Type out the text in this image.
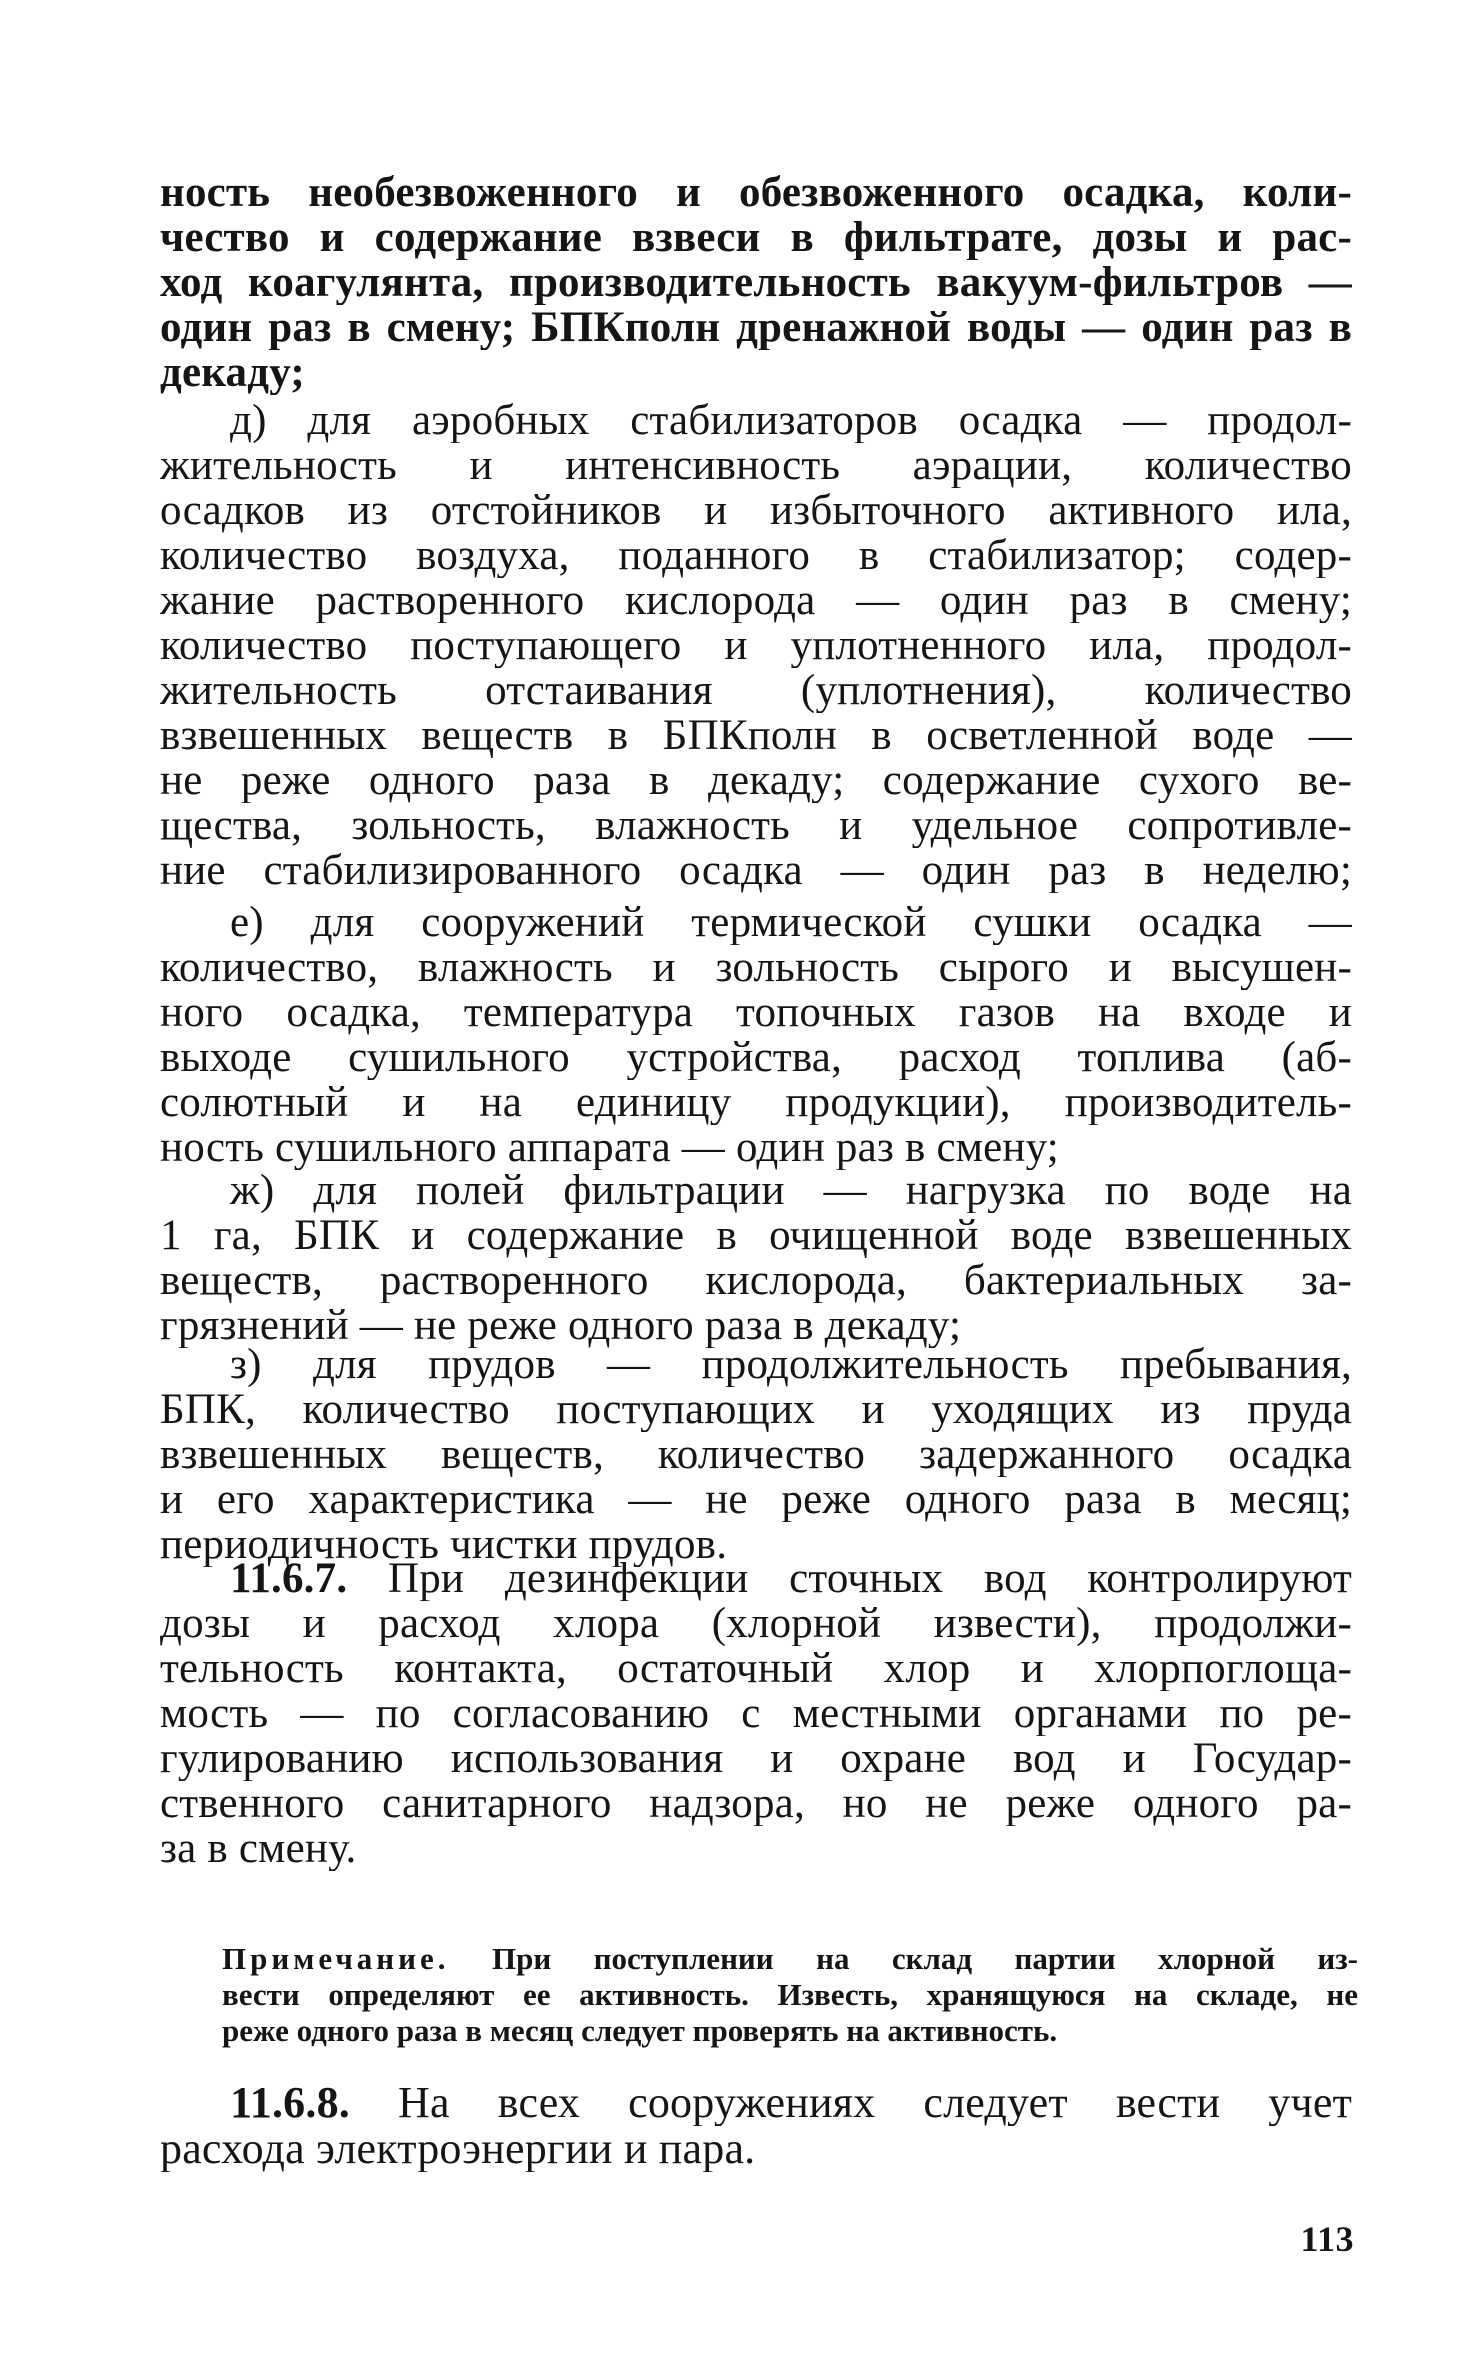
ность необезвоженного и обезвоженного осадка, коли-
чество и содержание взвеси в фильтрате, дозы и рас-
ход коагулянта, производительность вакуум-фильтров —
один раз в смену; БПКполн дренажной воды — один раз в
декаду;
д) для аэробных стабилизаторов осадка — продол-
жительность и интенсивность аэрации, количество
осадков из отстойников и избыточного активного ила,
количество воздуха, поданного в стабилизатор; содер-
жание растворенного кислорода — один раз в смену;
количество поступающего и уплотненного ила, продол-
жительность отстаивания (уплотнения), количество
взвешенных веществ в БПКполн в осветленной воде —
не реже одного раза в декаду; содержание сухого ве-
щества, зольность, влажность и удельное сопротивле-
ние стабилизированного осадка — один раз в неделю;
е) для сооружений термической сушки осадка —
количество, влажность и зольность сырого и высушен-
ного осадка, температура топочных газов на входе и
выходе сушильного устройства, расход топлива (аб-
солютный и на единицу продукции), производитель-
ность сушильного аппарата — один раз в смену;
ж) для полей фильтрации — нагрузка по воде на
1 га, БПК и содержание в очищенной воде взвешенных
веществ, растворенного кислорода, бактериальных за-
грязнений — не реже одного раза в декаду;
з) для прудов — продолжительность пребывания,
БПК, количество поступающих и уходящих из пруда
взвешенных веществ, количество задержанного осадка
и его характеристика — не реже одного раза в месяц;
периодичность чистки прудов.
11.6.7. При дезинфекции сточных вод контролируют
дозы и расход хлора (хлорной извести), продолжи-
тельность контакта, остаточный хлор и хлорпоглоща-
мость — по согласованию с местными органами по ре-
гулированию использования и охране вод и Государ-
ственного санитарного надзора, но не реже одного ра-
за в смену.
Примечание. При поступлении на склад партии хлорной из-
вести определяют ее активность. Известь, хранящуюся на складе, не
реже одного раза в месяц следует проверять на активность.
11.6.8. На всех сооружениях следует вести учет
расхода электроэнергии и пара.
113
